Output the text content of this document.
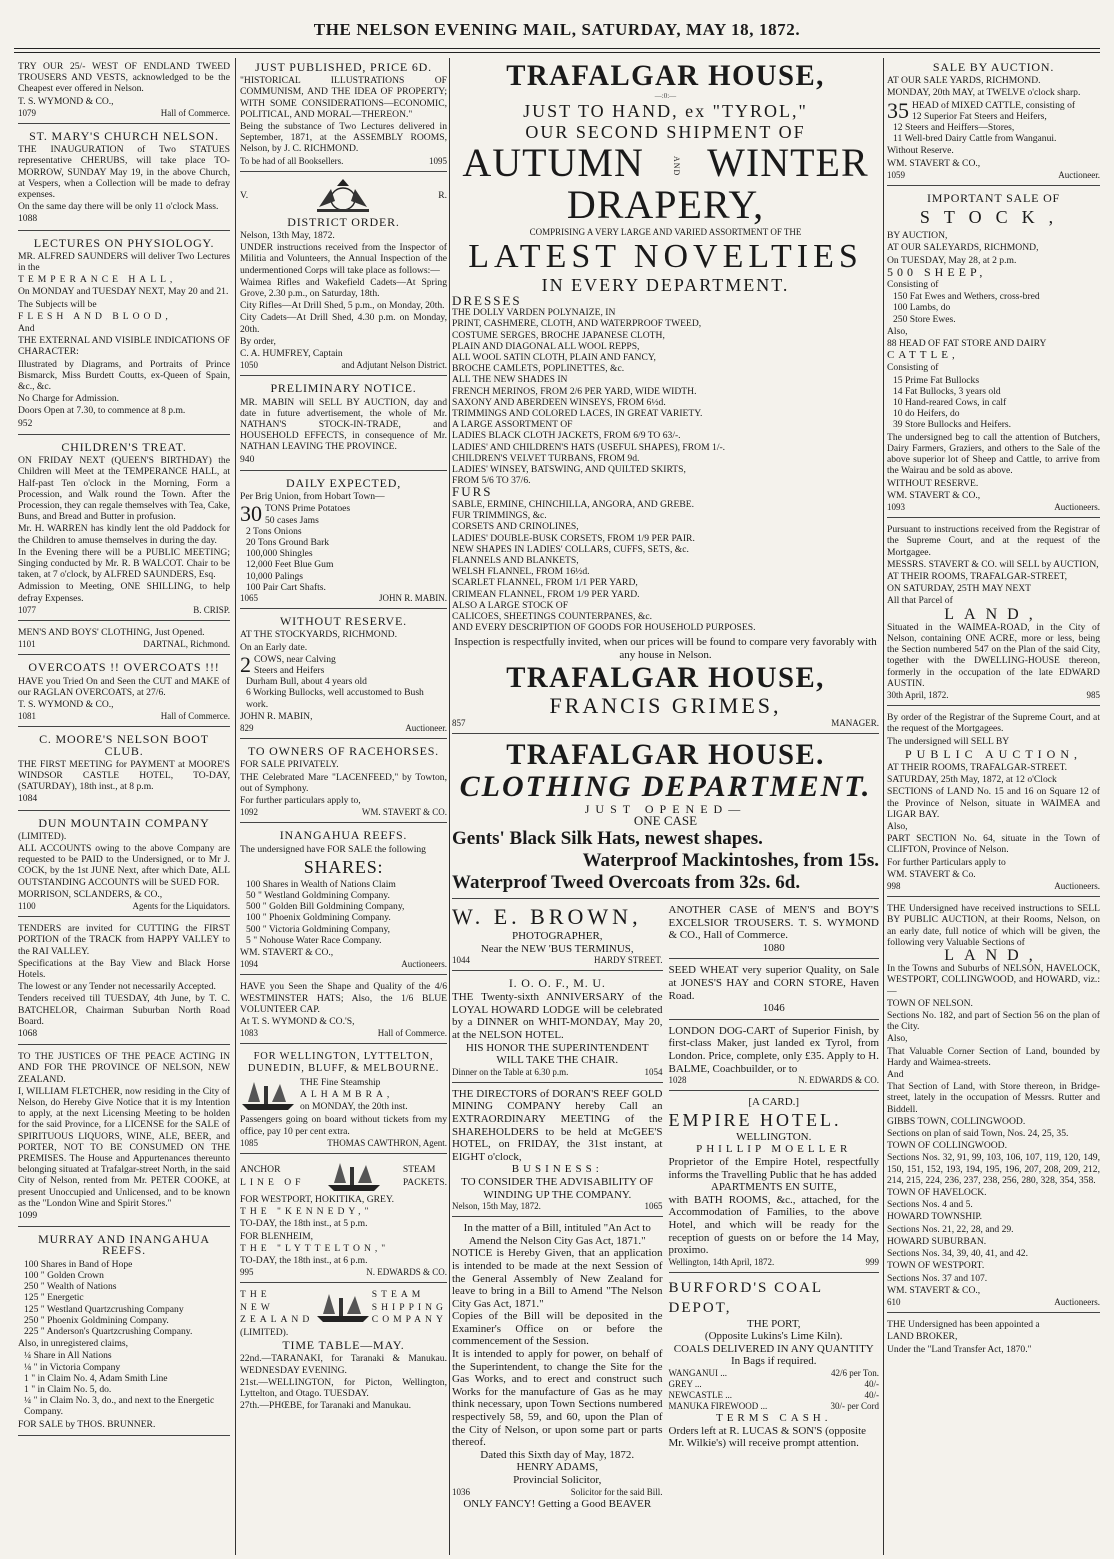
THE NELSON EVENING MAIL, SATURDAY, MAY 18, 1872.

TRY OUR 25/- WEST OF ENDLAND TWEED TROUSERS AND VESTS, acknowledged to be the Cheapest ever offered in Nelson.

T. S. WYMOND & CO.,

1079	Hall of Commerce.
ST. MARY'S CHURCH NELSON.

THE INAUGURATION of Two STATUES representative CHERUBS, will take place TO-MORROW, SUNDAY May 19, in the above Church, at Vespers, when a Collection will be made to defray expenses.

On the same day there will be only 11 o'clock Mass.

1088

LECTURES ON PHYSIOLOGY.

MR. ALFRED SAUNDERS will deliver Two Lectures in the

TEMPERANCE HALL,

On MONDAY and TUESDAY NEXT, May 20 and 21.

The Subjects will be

FLESH AND BLOOD,

And

THE EXTERNAL AND VISIBLE INDICATIONS OF CHARACTER:

Illustrated by Diagrams, and Portraits of Prince Bismarck, Miss Burdett Coutts, ex-Queen of Spain, &c., &c.

No Charge for Admission.

Doors Open at 7.30, to commence at 8 p.m.

952

CHILDREN'S TREAT.

ON FRIDAY NEXT (QUEEN'S BIRTHDAY) the Children will Meet at the TEMPERANCE HALL, at Half-past Ten o'clock in the Morning, Form a Procession, and Walk round the Town. After the Procession, they can regale themselves with Tea, Cake, Buns, and Bread and Butter in profusion.

Mr. H. WARREN has kindly lent the old Paddock for the Children to amuse themselves in during the day.

In the Evening there will be a PUBLIC MEETING; Singing conducted by Mr. R. B WALCOT. Chair to be taken, at 7 o'clock, by ALFRED SAUNDERS, Esq.

Admission to Meeting, ONE SHILLING, to help defray Expenses.

1077	B. CRISP.

MEN'S AND BOYS' CLOTHING, Just Opened.

1101	DARTNAL, Richmond.
OVERCOATS !! OVERCOATS !!!

HAVE you Tried On and Seen the CUT and MAKE of our RAGLAN OVERCOATS, at 27/6.

T. S. WYMOND & CO.,

1081	Hall of Commerce.
C. MOORE'S NELSON BOOT CLUB.

THE FIRST MEETING for PAYMENT at MOORE'S WINDSOR CASTLE HOTEL, TO-DAY, (SATURDAY), 18th inst., at 8 p.m.

1084

DUN MOUNTAIN COMPANY

(LIMITED).

ALL ACCOUNTS owing to the above Company are requested to be PAID to the Undersigned, or to Mr J. COCK, by the 1st JUNE Next, after which Date, ALL OUTSTANDING ACCOUNTS will be SUED FOR.

MORRISON, SCLANDERS, & CO.,

1100	Agents for the Liquidators.

TENDERS are invited for CUTTING the FIRST PORTION of the TRACK from HAPPY VALLEY to the RAI VALLEY.

Specifications at the Bay View and Black Horse Hotels.

The lowest or any Tender not necessarily Accepted.

Tenders received till TUESDAY, 4th June, by T. C. BATCHELOR, Chairman Suburban North Road Board.

1068

TO THE JUSTICES OF THE PEACE ACTING IN AND FOR THE PROVINCE OF NELSON, NEW ZEALAND.

I, WILLIAM FLETCHER, now residing in the City of Nelson, do Hereby Give Notice that it is my Intention to apply, at the next Licensing Meeting to be holden for the said Province, for a LICENSE for the SALE of SPIRITUOUS LIQUORS, WINE, ALE, BEER, and PORTER, NOT TO BE CONSUMED ON THE PREMISES. The House and Appurtenances thereunto belonging situated at Trafalgar-street North, in the said City of Nelson, rented from Mr. PETER COOKE, at present Unoccupied and Unlicensed, and to be known as the "London Wine and Spirit Stores."

1099

MURRAY AND INANGAHUA REEFS.
100 Shares in Band of Hope
100 " Golden Crown
250 " Wealth of Nations
125 " Energetic
125 " Westland Quartzcrushing Company
250 " Phoenix Goldmining Company.
225 " Anderson's Quartzcrushing Company.

Also, in unregistered claims,

¼ Share in All Nations
⅛ " in Victoria Company
1 " in Claim No. 4, Adam Smith Line
1 " in Claim No. 5, do.
¼ " in Claim No. 3, do., and next to the Energetic Company.

FOR SALE by THOS. BRUNNER.

JUST PUBLISHED, PRICE 6D.

"HISTORICAL ILLUSTRATIONS OF COMMUNISM, AND THE IDEA OF PROPERTY; WITH SOME CONSIDERATIONS—ECONOMIC, POLITICAL, AND MORAL—THEREON."

Being the substance of Two Lectures delivered in September, 1871, at the ASSEMBLY ROOMS, Nelson, by J. C. RICHMOND.

To be had of all Booksellers.	1095
V.	R.
DISTRICT ORDER.

Nelson, 13th May, 1872.

UNDER instructions received from the Inspector of Militia and Volunteers, the Annual Inspection of the undermentioned Corps will take place as follows:—

Waimea Rifles and Wakefield Cadets—At Spring Grove, 2.30 p.m., on Saturday, 18th.

City Rifles—At Drill Shed, 5 p.m., on Monday, 20th.

City Cadets—At Drill Shed, 4.30 p.m. on Monday, 20th.

By order,

C. A. HUMFREY, Captain

1050	and Adjutant Nelson District.
PRELIMINARY NOTICE.

MR. MABIN will SELL BY AUCTION, day and date in future advertisement, the whole of Mr. NATHAN'S STOCK-IN-TRADE, and HOUSEHOLD EFFECTS, in consequence of Mr. NATHAN LEAVING THE PROVINCE.

940

DAILY EXPECTED,

Per Brig Union, from Hobart Town—

30 TONS Prime Potatoes
50 cases Jams
2 Tons Onions
20 Tons Ground Bark
100,000 Shingles
12,000 Feet Blue Gum
10,000 Palings
100 Pair Cart Shafts.
1065	JOHN R. MABIN.
WITHOUT RESERVE.

AT THE STOCKYARDS, RICHMOND.

On an Early date.

2 COWS, near Calving
Steers and Heifers
Durham Bull, about 4 years old
6 Working Bullocks, well accustomed to Bush work.

JOHN R. MABIN,

829	Auctioneer.
TO OWNERS OF RACEHORSES.

FOR SALE PRIVATELY.

THE Celebrated Mare "LACENFEED," by Towton, out of Symphony.

For further particulars apply to,

1092	WM. STAVERT & CO.
INANGAHUA REEFS.

The undersigned have FOR SALE the following

SHARES:
100 Shares in Wealth of Nations Claim
50 " Westland Goldmining Company.
500 " Golden Bill Goldmining Company,
100 " Phoenix Goldmining Company.
500 " Victoria Goldmining Company,
5 " Nohouse Water Race Company.

WM. STAVERT & CO.,

1094	Auctioneers.

HAVE you Seen the Shape and Quality of the 4/6 WESTMINSTER HATS; Also, the 1/6 BLUE VOLUNTEER CAP.

At T. S. WYMOND & CO.'S,

1083	Hall of Commerce.
FOR WELLINGTON, LYTTELTON, DUNEDIN, BLUFF, & MELBOURNE.

THE Fine Steamship

ALHAMBRA,

on MONDAY, the 20th inst.

Passengers going on board without tickets from my office, pay 10 per cent extra.

1085	THOMAS CAWTHRON, Agent.

ANCHOR

LINE OF

STEAM

PACKETS.

FOR WESTPORT, HOKITIKA, GREY.

THE "KENNEDY,"

TO-DAY, the 18th inst., at 5 p.m.

FOR BLENHEIM,

THE "LYTTELTON,"

TO-DAY, the 18th inst., at 6 p.m.

995	N. EDWARDS & CO.

THE

NEW

ZEALAND

STEAM

SHIPPING

COMPANY

(LIMITED).

TIME TABLE—MAY.

22nd.—TARANAKI, for Taranaki & Manukau. WEDNESDAY EVENING.

21st.—WELLINGTON, for Picton, Wellington, Lyttelton, and Otago. TUESDAY.

27th.—PHŒBE, for Taranaki and Manukau.

TRAFALGAR HOUSE,
—:0:—
JUST TO HAND, ex "TYROL,"
OUR SECOND SHIPMENT OF
AUTUMN	AND WINTER DRAPERY,

COMPRISING A VERY LARGE AND VARIED ASSORTMENT OF THE

LATEST NOVELTIES
IN EVERY DEPARTMENT.

DRESSES

THE DOLLY VARDEN POLYNAIZE, IN
PRINT, CASHMERE, CLOTH, AND WATERPROOF TWEED,
COSTUME SERGES, BROCHE JAPANESE CLOTH,
PLAIN AND DIAGONAL ALL WOOL REPPS,
ALL WOOL SATIN CLOTH, PLAIN AND FANCY,
BROCHE CAMLETS, POPLINETTES, &c.
ALL THE NEW SHADES IN
FRENCH MERINOS, FROM 2/6 PER YARD, WIDE WIDTH.
SAXONY AND ABERDEEN WINSEYS, FROM 6½d.
TRIMMINGS AND COLORED LACES, IN GREAT VARIETY.
A LARGE ASSORTMENT OF
LADIES BLACK CLOTH JACKETS, FROM 6/9 TO 63/-.
LADIES' AND CHILDREN'S HATS (USEFUL SHAPES), FROM 1/-.
CHILDREN'S VELVET TURBANS, FROM 9d.
LADIES' WINSEY, BATSWING, AND QUILTED SKIRTS,
FROM 5/6 TO 37/6.

FURS

SABLE, ERMINE, CHINCHILLA, ANGORA, AND GREBE.
FUR TRIMMINGS, &c.
CORSETS AND CRINOLINES,
LADIES' DOUBLE-BUSK CORSETS, FROM 1/9 PER PAIR.
NEW SHAPES IN LADIES' COLLARS, CUFFS, SETS, &c.
FLANNELS AND BLANKETS,
WELSH FLANNEL, FROM 16½d.
SCARLET FLANNEL, FROM 1/1 PER YARD,
CRIMEAN FLANNEL, FROM 1/9 PER YARD.
ALSO A LARGE STOCK OF
CALICOES, SHEETINGS COUNTERPANES, &c.
AND EVERY DESCRIPTION OF GOODS FOR HOUSEHOLD PURPOSES.

Inspection is respectfully invited, when our prices will be found to compare very favorably with any house in Nelson.

TRAFALGAR HOUSE,
FRANCIS GRIMES,
857	MANAGER.
TRAFALGAR HOUSE.
CLOTHING DEPARTMENT.

JUST OPENED—

ONE CASE

Gents' Black Silk Hats, newest shapes.
Waterproof Mackintoshes, from 15s.
Waterproof Tweed Overcoats from 32s. 6d.
W. E. BROWN,

PHOTOGRAPHER,

Near the NEW 'BUS TERMINUS,

1044	HARDY STREET.
I. O. O. F., M. U.

THE Twenty-sixth ANNIVERSARY of the LOYAL HOWARD LODGE will be celebrated by a DINNER on WHIT-MONDAY, May 20, at the NELSON HOTEL.

HIS HONOR THE SUPERINTENDENT WILL TAKE THE CHAIR.

Dinner on the Table at 6.30 p.m.	1054

THE DIRECTORS of DORAN'S REEF GOLD MINING COMPANY hereby Call an EXTRAORDINARY MEETING of the SHAREHOLDERS to be held at McGEE'S HOTEL, on FRIDAY, the 31st instant, at EIGHT o'clock,

BUSINESS:

TO CONSIDER THE ADVISABILITY OF WINDING UP THE COMPANY.

Nelson, 15th May, 1872.	1065

In the matter of a Bill, intituled "An Act to Amend the Nelson City Gas Act, 1871."

NOTICE is Hereby Given, that an application is intended to be made at the next Session of the General Assembly of New Zealand for leave to bring in a Bill to Amend "The Nelson City Gas Act, 1871."

Copies of the Bill will be deposited in the Examiner's Office on or before the commencement of the Session.

It is intended to apply for power, on behalf of the Superintendent, to change the Site for the Gas Works, and to erect and construct such Works for the manufacture of Gas as he may think necessary, upon Town Sections numbered respectively 58, 59, and 60, upon the Plan of the City of Nelson, or upon some part or parts thereof.

Dated this Sixth day of May, 1872.

HENRY ADAMS,

Provincial Solicitor,

1036	Solicitor for the said Bill.

ONLY FANCY! Getting a Good BEAVER

ANOTHER CASE of MEN'S and BOY'S EXCELSIOR TROUSERS. T. S. WYMOND & CO., Hall of Commerce.

1080

SEED WHEAT very superior Quality, on Sale at JONES'S HAY and CORN STORE, Haven Road.

1046

LONDON DOG-CART of Superior Finish, by first-class Maker, just landed ex Tyrol, from London. Price, complete, only £35. Apply to H. BALME, Coachbuilder, or to

1028	N. EDWARDS & CO.

[A CARD.]

EMPIRE HOTEL.

WELLINGTON.

PHILLIP MOELLER

Proprietor of the Empire Hotel, respectfully informs the Travelling Public that he has added

APARTMENTS EN SUITE,

with BATH ROOMS, &c., attached, for the Accommodation of Families, to the above Hotel, and which will be ready for the reception of guests on or before the 14 May, proximo.

Wellington, 14th April, 1872.	999
BURFORD'S COAL DEPOT,

THE PORT,

(Opposite Lukins's Lime Kiln).

COALS DELIVERED IN ANY QUANTITY

In Bags if required.

WANGANUI ...	42/6 per Ton.
GREY ...	40/-
NEWCASTLE ...	40/-
MANUKA FIREWOOD ...	30/- per Cord

TERMS CASH.

Orders left at R. LUCAS & SON'S (opposite Mr. Wilkie's) will receive prompt attention.

SALE BY AUCTION.

AT OUR SALE YARDS, RICHMOND.

MONDAY, 20th MAY, at TWELVE o'clock sharp.

35 HEAD of MIXED CATTLE, consisting of
12 Superior Fat Steers and Heifers,
12 Steers and Heiffers—Stores,
11 Well-bred Dairy Cattle from Wanganui.

Without Reserve.

WM. STAVERT & CO.,

1059	Auctioneer.
IMPORTANT SALE OF
STOCK,

BY AUCTION,

AT OUR SALEYARDS, RICHMOND,

On TUESDAY, May 28, at 2 p.m.

500 SHEEP,

Consisting of

150 Fat Ewes and Wethers, cross-bred
100 Lambs, do
250 Store Ewes.

Also,

88 HEAD OF FAT STORE AND DAIRY

CATTLE,

Consisting of

15 Prime Fat Bullocks
14 Fat Bullocks, 3 years old
10 Hand-reared Cows, in calf
10 do Heifers, do
39 Store Bullocks and Heifers.

The undersigned beg to call the attention of Butchers, Dairy Farmers, Graziers, and others to the Sale of the above superior lot of Sheep and Cattle, to arrive from the Wairau and be sold as above.

WITHOUT RESERVE.

WM. STAVERT & CO.,

1093	Auctioneers.

Pursuant to instructions received from the Registrar of the Supreme Court, and at the request of the Mortgagee.

MESSRS. STAVERT & CO. will SELL by AUCTION,

AT THEIR ROOMS, TRAFALGAR-STREET,

ON SATURDAY, 25TH MAY NEXT

All that Parcel of

LAND,

Situated in the WAIMEA-ROAD, in the City of Nelson, containing ONE ACRE, more or less, being the Section numbered 547 on the Plan of the said City, together with the DWELLING-HOUSE thereon, formerly in the occupation of the late EDWARD AUSTIN.

30th April, 1872.	985

By order of the Registrar of the Supreme Court, and at the request of the Mortgagees.

The undersigned will SELL BY

PUBLIC AUCTION,

AT THEIR ROOMS, TRAFALGAR-STREET.

SATURDAY, 25th May, 1872, at 12 o'Clock

SECTIONS of LAND No. 15 and 16 on Square 12 of the Province of Nelson, situate in WAIMEA and LIGAR BAY.

Also,

PART SECTION No. 64, situate in the Town of CLIFTON, Province of Nelson.

For further Particulars apply to

WM. STAVERT & Co.

998	Auctioneers.

THE Undersigned have received instructions to SELL BY PUBLIC AUCTION, at their Rooms, Nelson, on an early date, full notice of which will be given, the following very Valuable Sections of

LAND,

In the Towns and Suburbs of NELSON, HAVELOCK, WESTPORT, COLLINGWOOD, and HOWARD, viz.:—

TOWN OF NELSON.

Sections No. 182, and part of Section 56 on the plan of the City.

Also,

That Valuable Corner Section of Land, bounded by Hardy and Waimea-streets.

And

That Section of Land, with Store thereon, in Bridge-street, lately in the occupation of Messrs. Rutter and Biddell.

GIBBS TOWN, COLLINGWOOD.

Sections on plan of said Town, Nos. 24, 25, 35.

TOWN OF COLLINGWOOD.

Sections Nos. 32, 91, 99, 103, 106, 107, 119, 120, 149, 150, 151, 152, 193, 194, 195, 196, 207, 208, 209, 212, 214, 215, 224, 236, 237, 238, 256, 280, 328, 354, 358.

TOWN OF HAVELOCK.

Sections Nos. 4 and 5.

HOWARD TOWNSHIP.

Sections Nos. 21, 22, 28, and 29.

HOWARD SUBURBAN.

Sections Nos. 34, 39, 40, 41, and 42.

TOWN OF WESTPORT.

Sections Nos. 37 and 107.

WM. STAVERT & CO.,

610	Auctioneers.

THE Undersigned has been appointed a

LAND BROKER,

Under the "Land Transfer Act, 1870."
